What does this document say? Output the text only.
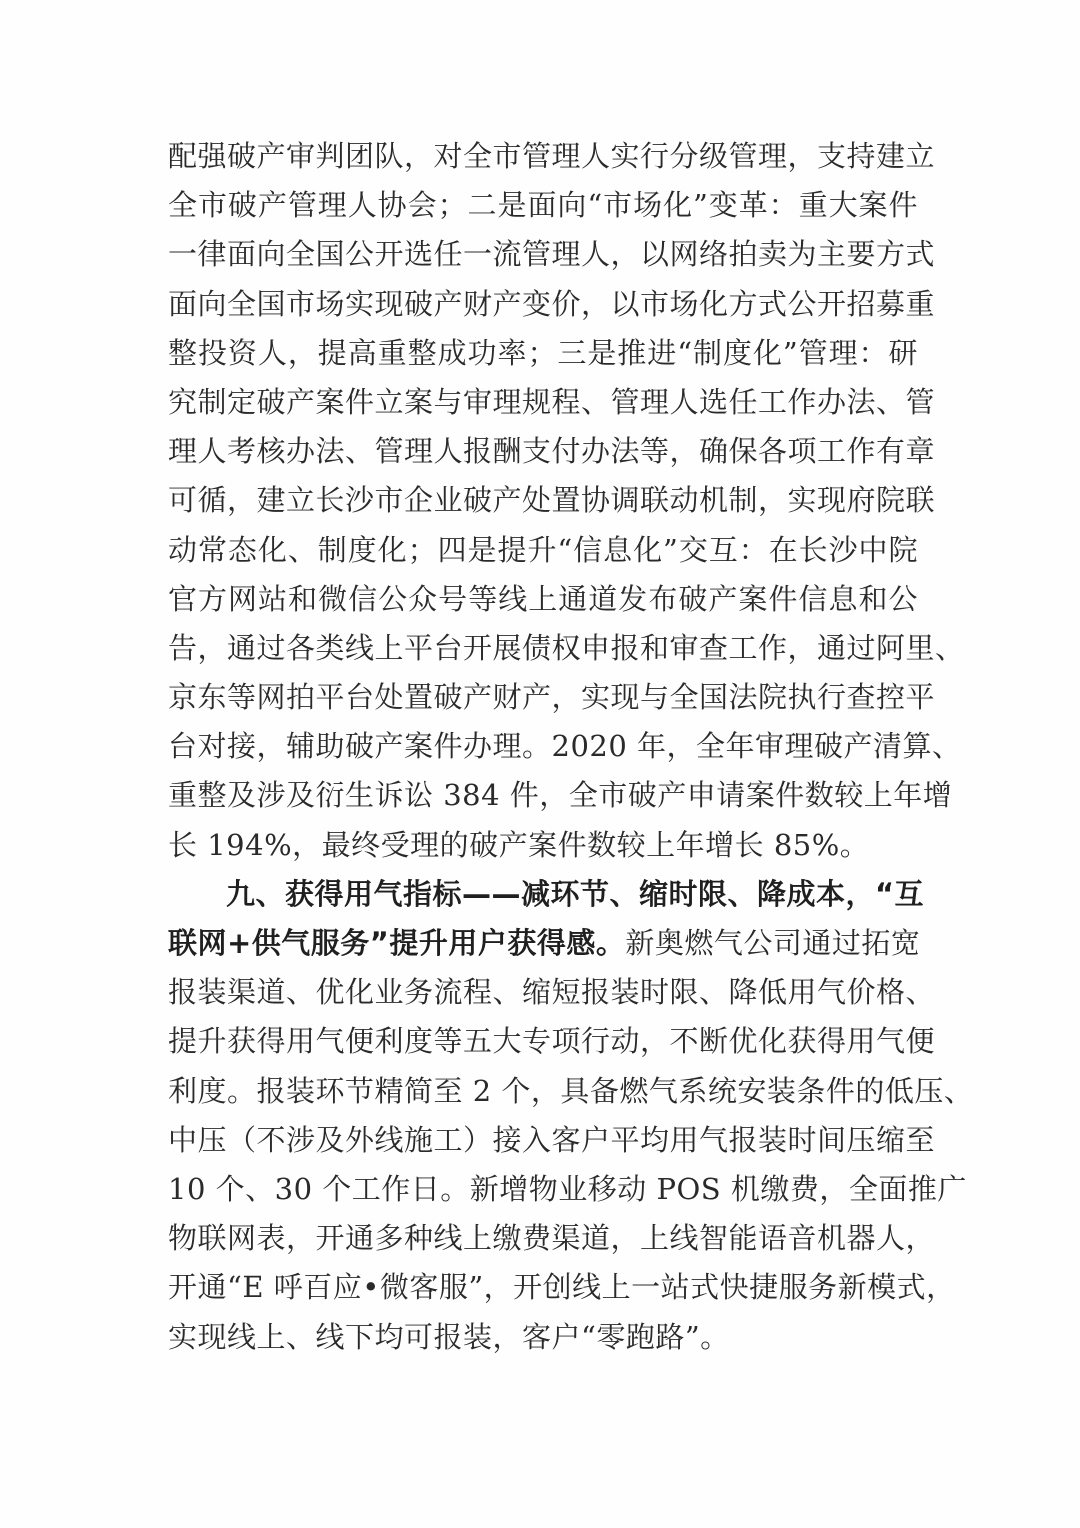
配强破产审判团队，对全市管理人实行分级管理，支持建立
全市破产管理人协会；二是面向“市场化”变革：重大案件
一律面向全国公开选任一流管理人，以网络拍卖为主要方式
面向全国市场实现破产财产变价，以市场化方式公开招募重
整投资人，提高重整成功率；三是推进“制度化”管理：研
究制定破产案件立案与审理规程、管理人选任工作办法、管
理人考核办法、管理人报酬支付办法等，确保各项工作有章
可循，建立长沙市企业破产处置协调联动机制，实现府院联
动常态化、制度化；四是提升“信息化”交互：在长沙中院
官方网站和微信公众号等线上通道发布破产案件信息和公
告，通过各类线上平台开展债权申报和审查工作，通过阿里、
京东等网拍平台处置破产财产，实现与全国法院执行查控平
台对接，辅助破产案件办理。2020 年，全年审理破产清算、
重整及涉及衍生诉讼 384 件，全市破产申请案件数较上年增
长 194%，最终受理的破产案件数较上年增长 85%。
九、获得用气指标——减环节、缩时限、降成本，“互
联网+供气服务”提升用户获得感。新奥燃气公司通过拓宽
报装渠道、优化业务流程、缩短报装时限、降低用气价格、
提升获得用气便利度等五大专项行动，不断优化获得用气便
利度。报装环节精简至 2 个，具备燃气系统安装条件的低压、
中压（不涉及外线施工）接入客户平均用气报装时间压缩至
10 个、30 个工作日。新增物业移动 POS 机缴费，全面推广
物联网表，开通多种线上缴费渠道，上线智能语音机器人，
开通“E 呼百应•微客服”，开创线上一站式快捷服务新模式，
实现线上、线下均可报装，客户“零跑路”。
